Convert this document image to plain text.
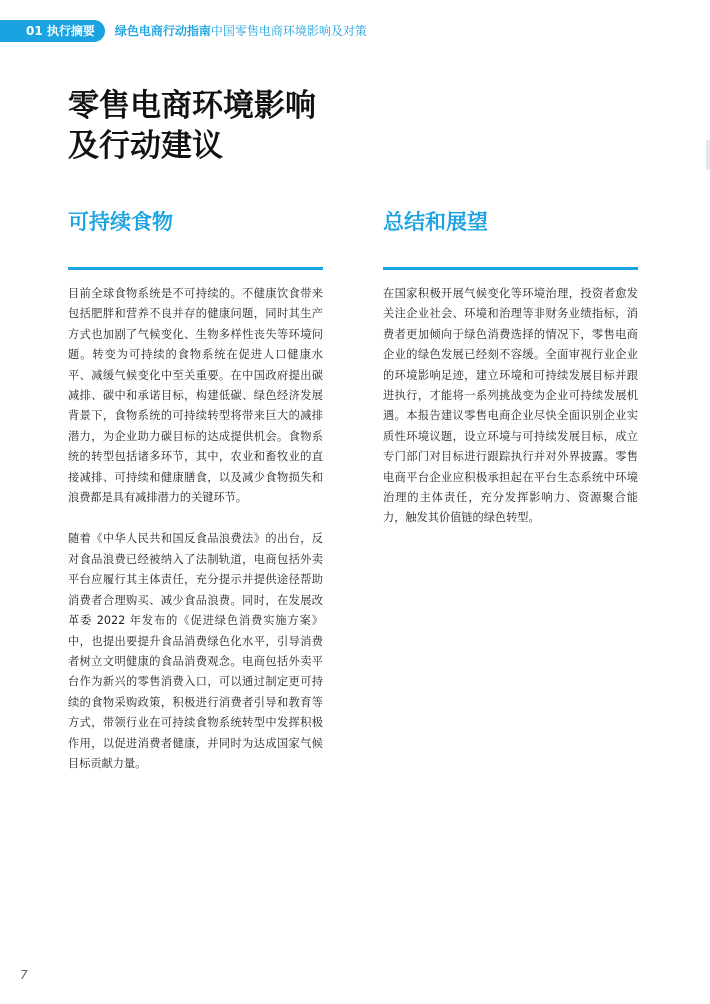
01 执行摘要	绿色电商行动指南中国零售电商环境影响及对策
零售电商环境影响
及行动建议
可持续食物

目前全球食物系统是不可持续的。不健康饮食带来包括肥胖和营养不良并存的健康问题，同时其生产方式也加剧了气候变化、生物多样性丧失等环境问题。转变为可持续的食物系统在促进人口健康水平、减缓气候变化中至关重要。在中国政府提出碳减排、碳中和承诺目标，构建低碳、绿色经济发展背景下，食物系统的可持续转型将带来巨大的减排潜力，为企业助力碳目标的达成提供机会。食物系统的转型包括诸多环节，其中，农业和畜牧业的直接减排、可持续和健康膳食，以及减少食物损失和浪费都是具有减排潜力的关键环节。

随着《中华人民共和国反食品浪费法》的出台，反对食品浪费已经被纳入了法制轨道，电商包括外卖平台应履行其主体责任，充分提示并提供途径帮助消费者合理购买、减少食品浪费。同时，在发展改革委 2022 年发布的《促进绿色消费实施方案》中，也提出要提升食品消费绿色化水平，引导消费者树立文明健康的食品消费观念。电商包括外卖平台作为新兴的零售消费入口，可以通过制定更可持续的食物采购政策，积极进行消费者引导和教育等方式，带领行业在可持续食物系统转型中发挥积极作用，以促进消费者健康，并同时为达成国家气候目标贡献力量。

总结和展望

在国家积极开展气候变化等环境治理，投资者愈发关注企业社会、环境和治理等非财务业绩指标，消费者更加倾向于绿色消费选择的情况下，零售电商企业的绿色发展已经刻不容缓。全面审视行业企业的环境影响足迹，建立环境和可持续发展目标并跟进执行，才能将一系列挑战变为企业可持续发展机遇。本报告建议零售电商企业尽快全面识别企业实质性环境议题，设立环境与可持续发展目标，成立专门部门对目标进行跟踪执行并对外界披露。零售电商平台企业应积极承担起在平台生态系统中环境治理的主体责任，充分发挥影响力、资源聚合能力，触发其价值链的绿色转型。

7
